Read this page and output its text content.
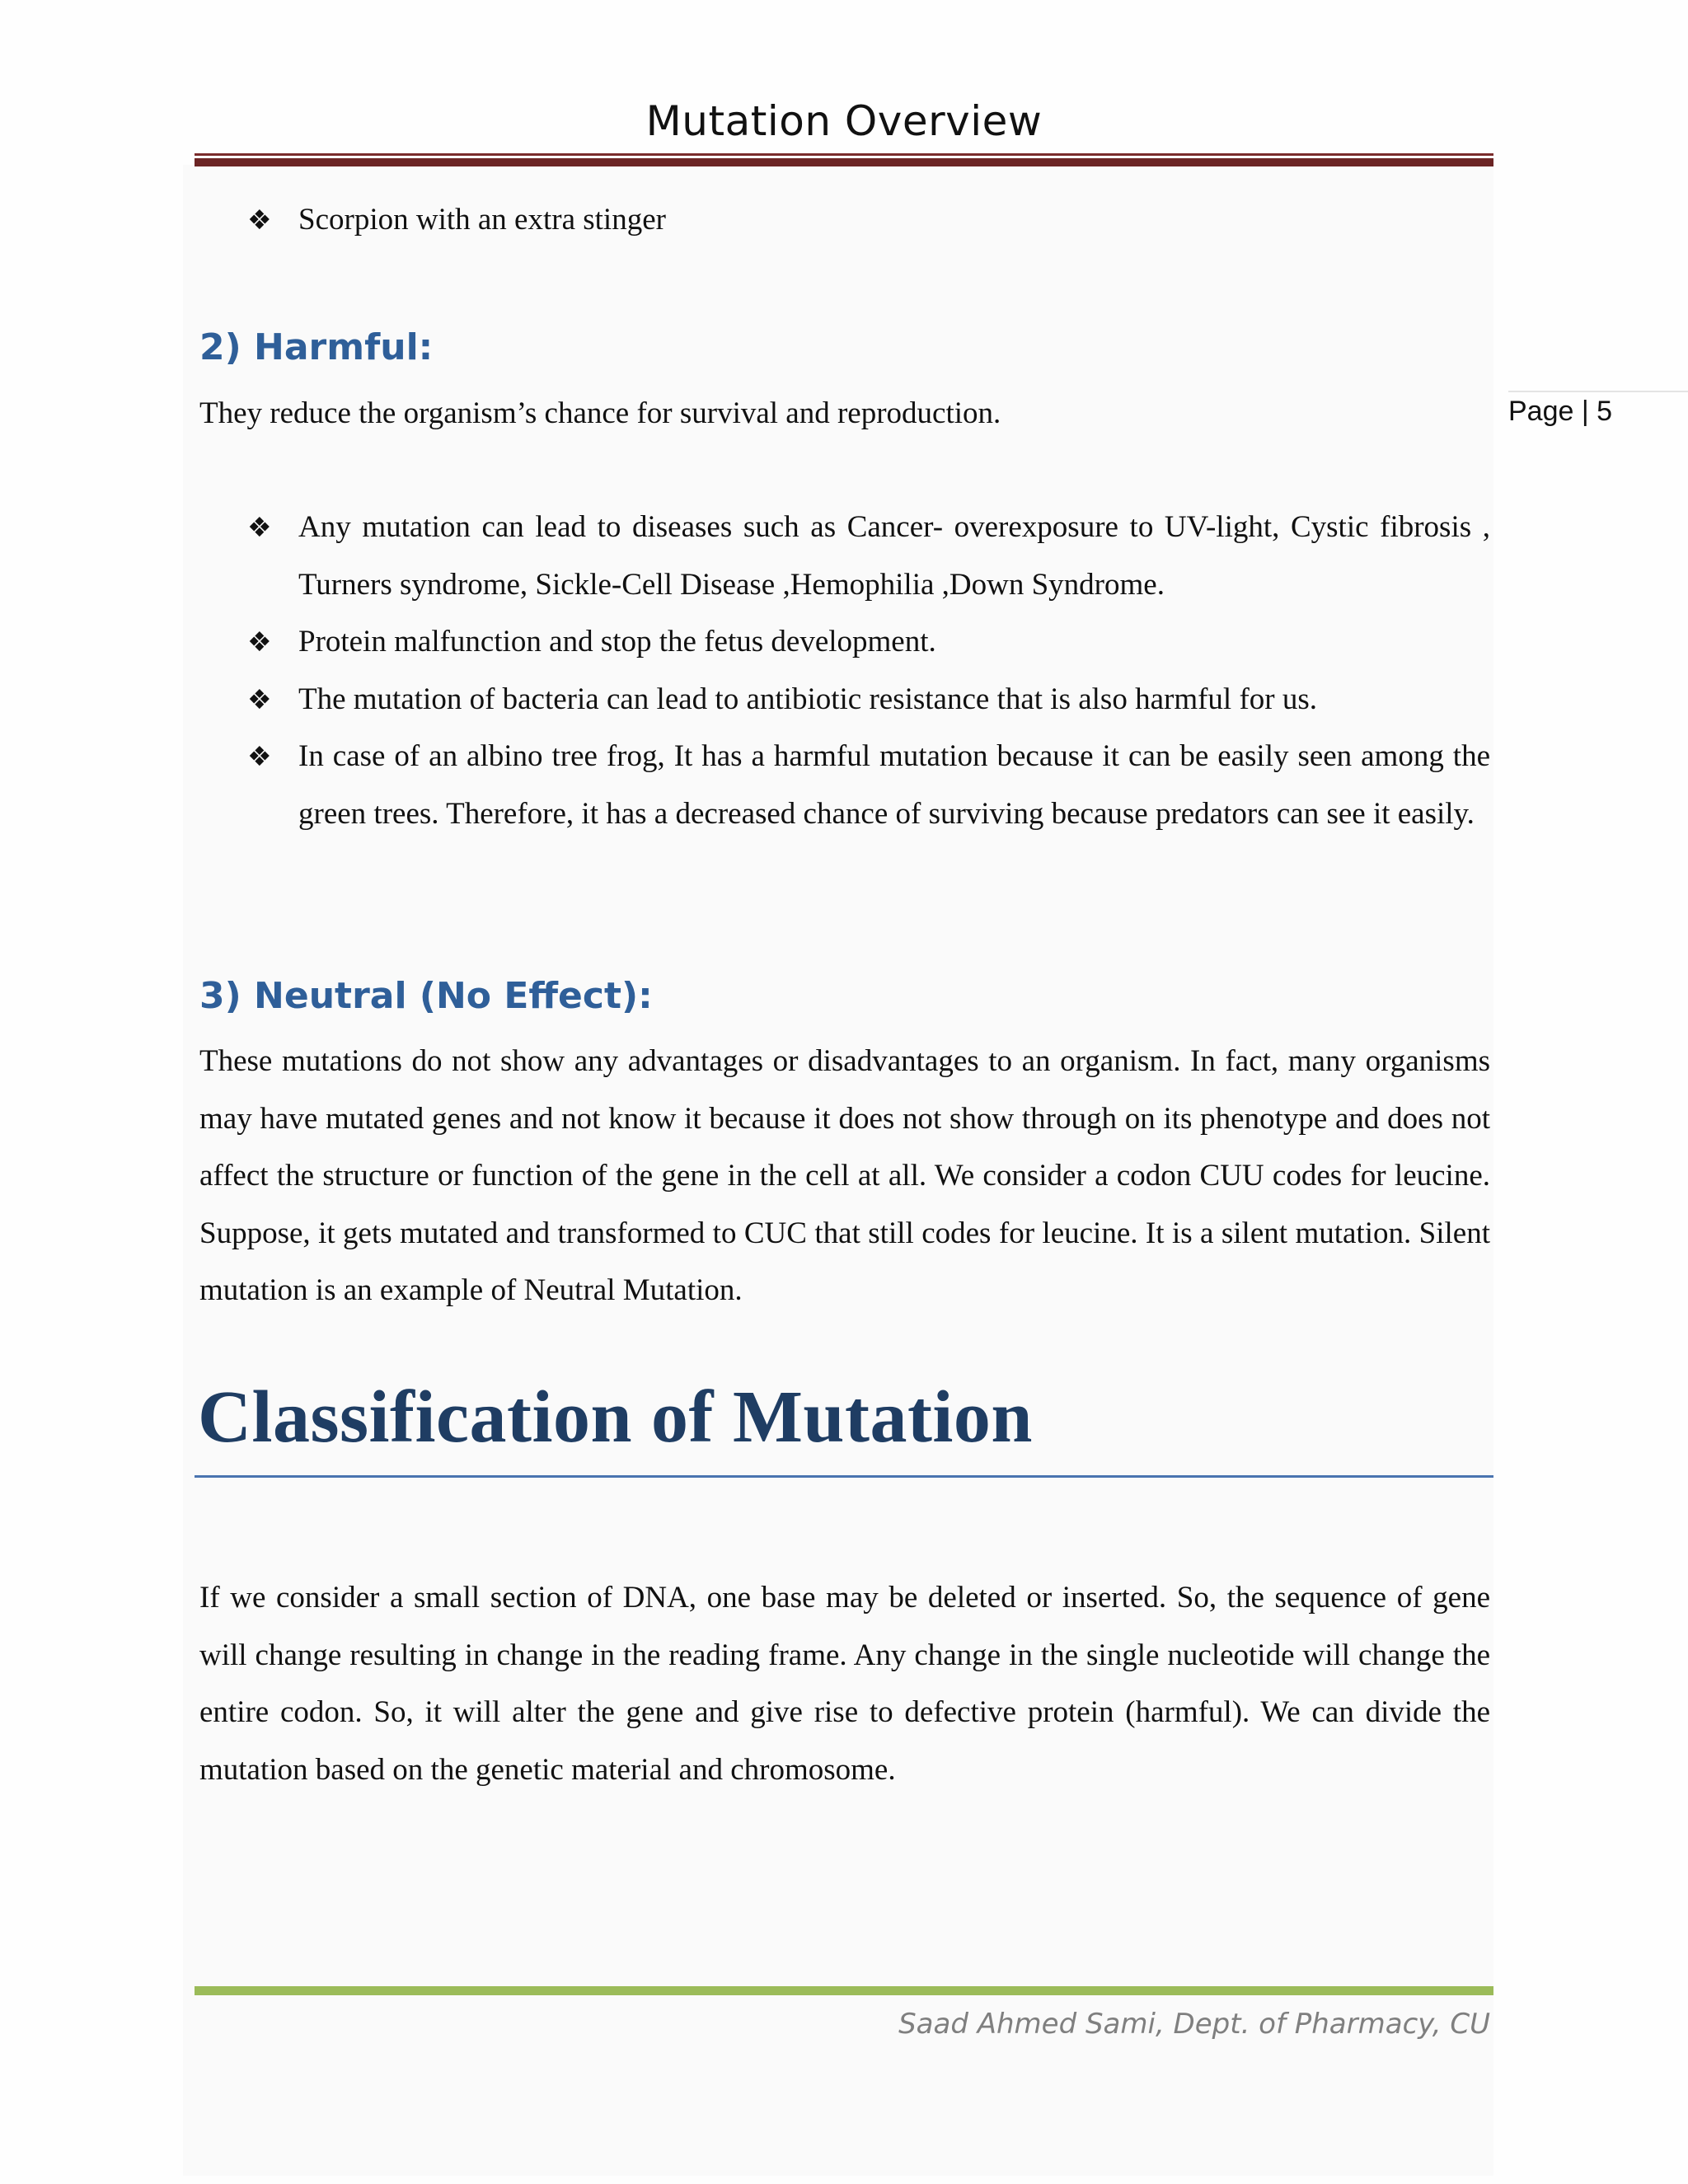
Mutation Overview
Page | 5
❖ Scorpion with an extra stinger
2) Harmful:
They reduce the organism’s chance for survival and reproduction.
❖ Any mutation can lead to diseases such as Cancer- overexposure to UV-light, Cystic fibrosis , Turners syndrome, Sickle-Cell Disease ,Hemophilia ,Down Syndrome.
❖ Protein malfunction and stop the fetus development.
❖ The mutation of bacteria can lead to antibiotic resistance that is also harmful for us.
❖ In case of an albino tree frog, It has a harmful mutation because it can be easily seen among the green trees. Therefore, it has a decreased chance of surviving because predators can see it easily.
3) Neutral (No Effect):
These mutations do not show any advantages or disadvantages to an organism. In fact, many organisms may have mutated genes and not know it because it does not show through on its phenotype and does not affect the structure or function of the gene in the cell at all. We consider a codon CUU codes for leucine. Suppose, it gets mutated and transformed to CUC that still codes for leucine. It is a silent mutation. Silent mutation is an example of Neutral Mutation.
Classification of Mutation
If we consider a small section of DNA, one base may be deleted or inserted. So, the sequence of gene will change resulting in change in the reading frame. Any change in the single nucleotide will change the entire codon. So, it will alter the gene and give rise to defective protein (harmful). We can divide the mutation based on the genetic material and chromosome.
Saad Ahmed Sami, Dept. of Pharmacy, CU
